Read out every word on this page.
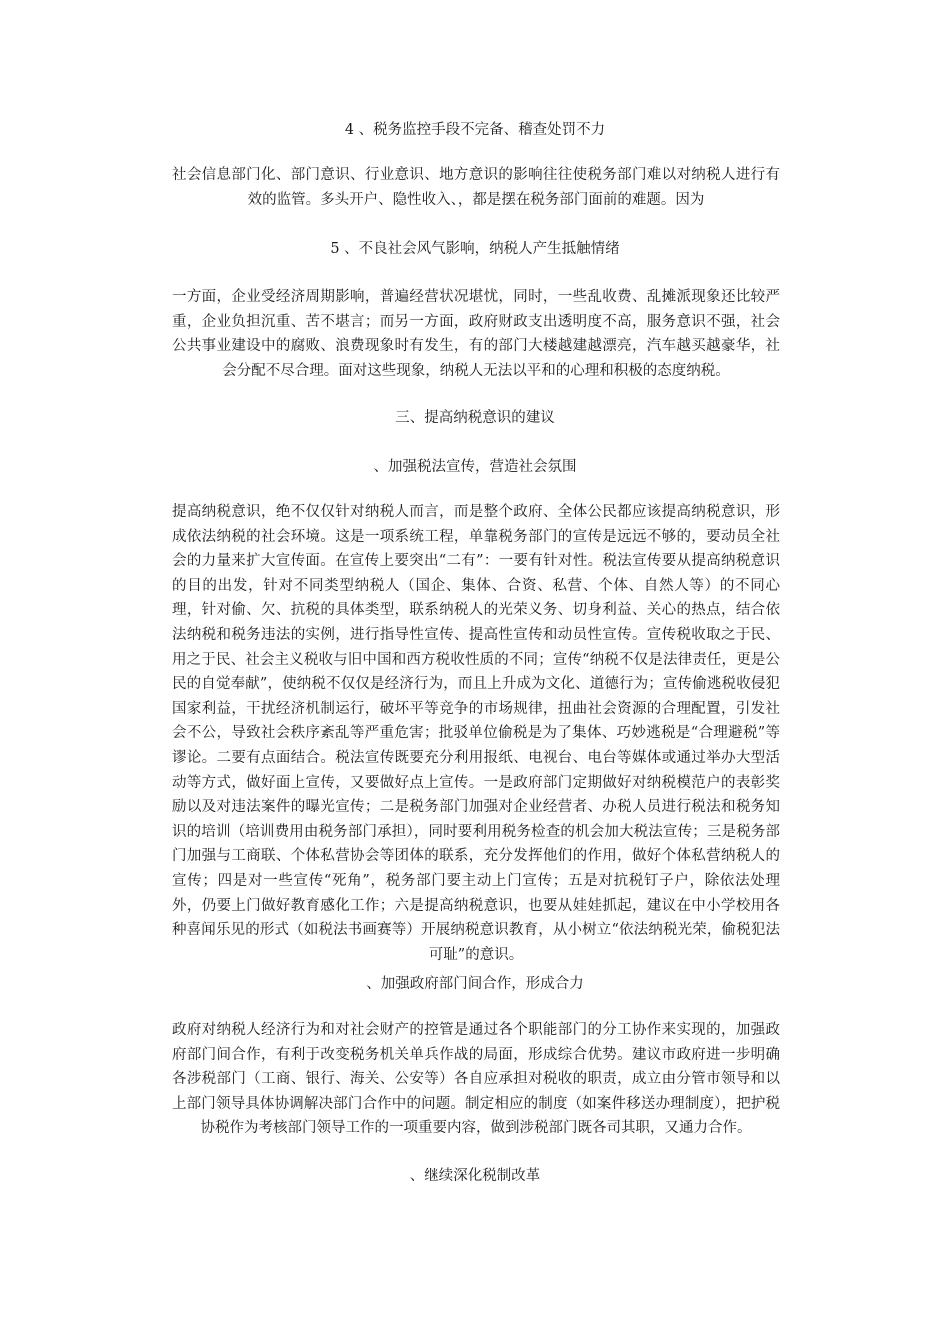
4 、税务监控手段不完备、稽查处罚不力

社会信息部门化、部门意识、行业意识、地方意识的影响往往使税务部门难以对纳税人进行有效的监管。多头开户、隐性收入、，都是摆在税务部门面前的难题。因为

5 、不良社会风气影响，纳税人产生抵触情绪

一方面，企业受经济周期影响，普遍经营状况堪忧，同时，一些乱收费、乱摊派现象还比较严重，企业负担沉重、苦不堪言；而另一方面，政府财政支出透明度不高，服务意识不强，社会公共事业建设中的腐败、浪费现象时有发生，有的部门大楼越建越漂亮，汽车越买越豪华，社会分配不尽合理。面对这些现象，纳税人无法以平和的心理和积极的态度纳税。

三、提高纳税意识的建议

、加强税法宣传，营造社会氛围

提高纳税意识，绝不仅仅针对纳税人而言，而是整个政府、全体公民都应该提高纳税意识，形成依法纳税的社会环境。这是一项系统工程，单靠税务部门的宣传是远远不够的，要动员全社会的力量来扩大宣传面。在宣传上要突出“二有”：一要有针对性。税法宣传要从提高纳税意识的目的出发，针对不同类型纳税人（国企、集体、合资、私营、个体、自然人等）的不同心理，针对偷、欠、抗税的具体类型，联系纳税人的光荣义务、切身利益、关心的热点，结合依法纳税和税务违法的实例，进行指导性宣传、提高性宣传和动员性宣传。宣传税收取之于民、用之于民、社会主义税收与旧中国和西方税收性质的不同；宣传“纳税不仅是法律责任，更是公民的自觉奉献”，使纳税不仅仅是经济行为，而且上升成为文化、道德行为；宣传偷逃税收侵犯国家利益，干扰经济机制运行，破坏平等竞争的市场规律，扭曲社会资源的合理配置，引发社会不公，导致社会秩序紊乱等严重危害；批驳单位偷税是为了集体、巧妙逃税是“合理避税”等谬论。二要有点面结合。税法宣传既要充分利用报纸、电视台、电台等媒体或通过举办大型活动等方式，做好面上宣传，又要做好点上宣传。一是政府部门定期做好对纳税模范户的表彰奖励以及对违法案件的曝光宣传；二是税务部门加强对企业经营者、办税人员进行税法和税务知识的培训（培训费用由税务部门承担），同时要利用税务检查的机会加大税法宣传；三是税务部门加强与工商联、个体私营协会等团体的联系，充分发挥他们的作用，做好个体私营纳税人的宣传；四是对一些宣传“死角”，税务部门要主动上门宣传；五是对抗税钉子户，除依法处理外，仍要上门做好教育感化工作；六是提高纳税意识，也要从娃娃抓起，建议在中小学校用各种喜闻乐见的形式（如税法书画赛等）开展纳税意识教育，从小树立“依法纳税光荣，偷税犯法可耻”的意识。

、加强政府部门间合作，形成合力

政府对纳税人经济行为和对社会财产的控管是通过各个职能部门的分工协作来实现的，加强政府部门间合作，有利于改变税务机关单兵作战的局面，形成综合优势。建议市政府进一步明确各涉税部门（工商、银行、海关、公安等）各自应承担对税收的职责，成立由分管市领导和以上部门领导具体协调解决部门合作中的问题。制定相应的制度（如案件移送办理制度），把护税协税作为考核部门领导工作的一项重要内容，做到涉税部门既各司其职，又通力合作。

、继续深化税制改革
